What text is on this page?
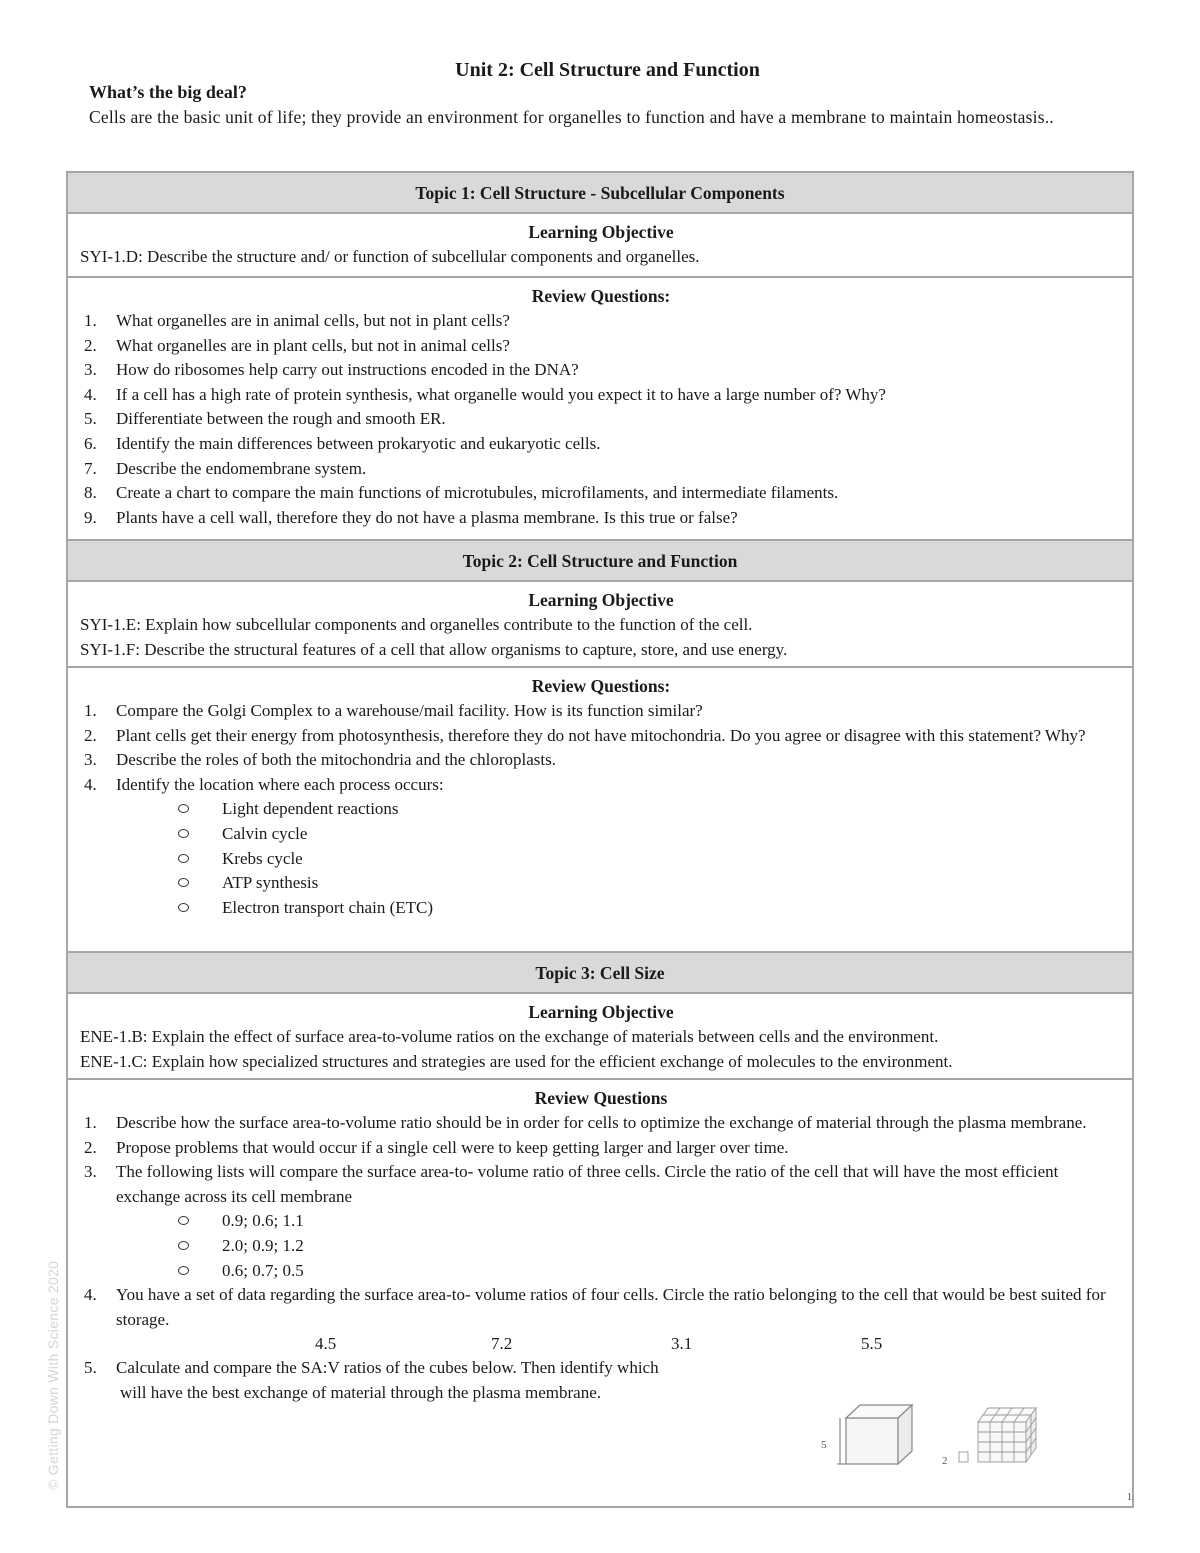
Unit 2: Cell Structure and Function
What’s the big deal?
Cells are the basic unit of life; they provide an environment for organelles to function and have a membrane to maintain homeostasis..
Topic 1: Cell Structure - Subcellular Components
Learning Objective
SYI-1.D: Describe the structure and/ or function of subcellular components and organelles.
Review Questions:
1. What organelles are in animal cells, but not in plant cells?
2. What organelles are in plant cells, but not in animal cells?
3. How do ribosomes help carry out instructions encoded in the DNA?
4. If a cell has a high rate of protein synthesis, what organelle would you expect it to have a large number of? Why?
5. Differentiate between the rough and smooth ER.
6. Identify the main differences between prokaryotic and eukaryotic cells.
7. Describe the endomembrane system.
8. Create a chart to compare the main functions of microtubules, microfilaments, and intermediate filaments.
9. Plants have a cell wall, therefore they do not have a plasma membrane. Is this true or false?
Topic 2: Cell Structure and Function
Learning Objective
SYI-1.E: Explain how subcellular components and organelles contribute to the function of the cell.
SYI-1.F: Describe the structural features of a cell that allow organisms to capture, store, and use energy.
Review Questions:
1. Compare the Golgi Complex to a warehouse/mail facility. How is its function similar?
2. Plant cells get their energy from photosynthesis, therefore they do not have mitochondria. Do you agree or disagree with this statement? Why?
3. Describe the roles of both the mitochondria and the chloroplasts.
4. Identify the location where each process occurs:
Light dependent reactions
Calvin cycle
Krebs cycle
ATP synthesis
Electron transport chain (ETC)
Topic 3: Cell Size
Learning Objective
ENE-1.B: Explain the effect of surface area-to-volume ratios on the exchange of materials between cells and the environment.
ENE-1.C: Explain how specialized structures and strategies are used for the efficient exchange of molecules to the environment.
Review Questions
1. Describe how the surface area-to-volume ratio should be in order for cells to optimize the exchange of material through the plasma membrane.
2. Propose problems that would occur if a single cell were to keep getting larger and larger over time.
3. The following lists will compare the surface area-to- volume ratio of three cells. Circle the ratio of the cell that will have the most efficient exchange across its cell membrane
0.9; 0.6; 1.1
2.0; 0.9; 1.2
0.6; 0.7; 0.5
4. You have a set of data regarding the surface area-to- volume ratios of four cells. Circle the ratio belonging to the cell that would be best suited for storage.
4.5	7.2	3.1	5.5
5. Calculate and compare the SA:V ratios of the cubes below. Then identify which
will have the best exchange of material through the plasma membrane.
5
2
© Getting Down With Science 2020
1
